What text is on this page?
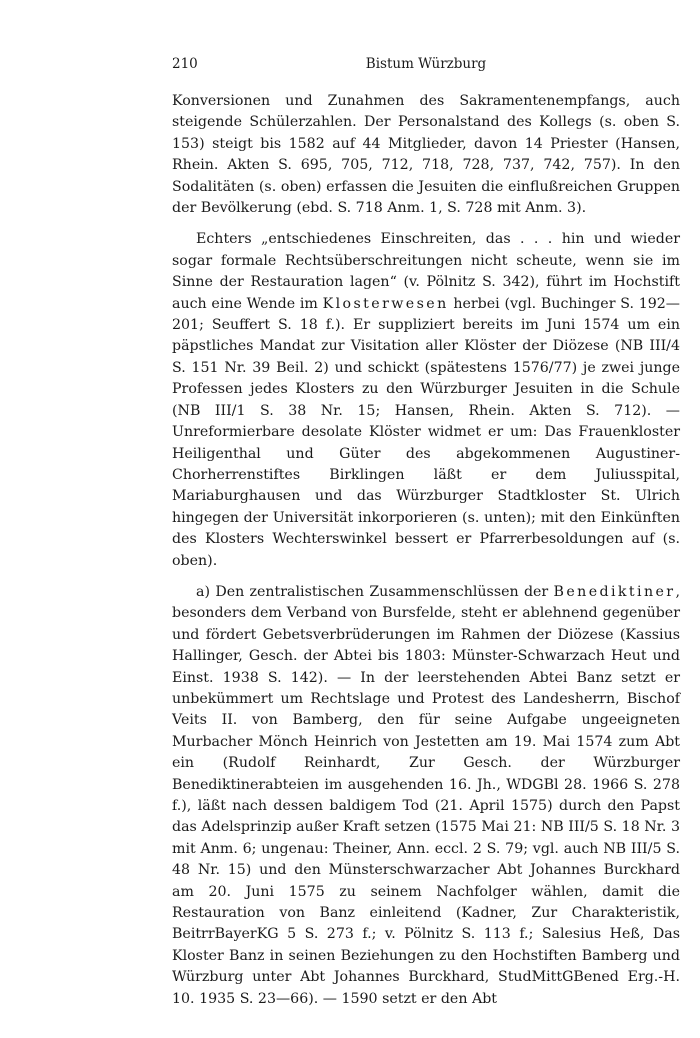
210	Bistum Würzburg

Konversionen und Zunahmen des Sakramentenempfangs, auch steigende Schülerzahlen. Der Personalstand des Kollegs (s. oben S. 153) steigt bis 1582 auf 44 Mitglieder, davon 14 Priester (Hansen, Rhein. Akten S. 695, 705, 712, 718, 728, 737, 742, 757). In den Sodalitäten (s. oben) erfassen die Jesuiten die einflußreichen Gruppen der Bevölkerung (ebd. S. 718 Anm. 1, S. 728 mit Anm. 3).

Echters „entschiedenes Einschreiten, das . . . hin und wieder sogar formale Rechtsüberschreitungen nicht scheute, wenn sie im Sinne der Restauration lagen“ (v. Pölnitz S. 342), führt im Hochstift auch eine Wende im Klosterwesen herbei (vgl. Buchinger S. 192—201; Seuffert S. 18 f.). Er suppliziert bereits im Juni 1574 um ein päpstliches Mandat zur Visitation aller Klöster der Diözese (NB III/4 S. 151 Nr. 39 Beil. 2) und schickt (spätestens 1576/77) je zwei junge Professen jedes Klosters zu den Würzburger Jesuiten in die Schule (NB III/1 S. 38 Nr. 15; Hansen, Rhein. Akten S. 712). — Unreformierbare desolate Klöster widmet er um: Das Frauenkloster Heiligenthal und Güter des abgekommenen Augustiner-Chorherrenstiftes Birklingen läßt er dem Juliusspital, Mariaburghausen und das Würzburger Stadtkloster St. Ulrich hingegen der Universität inkorporieren (s. unten); mit den Einkünften des Klosters Wechterswinkel bessert er Pfarrerbesoldungen auf (s. oben).

a) Den zentralistischen Zusammenschlüssen der Benediktiner, besonders dem Verband von Bursfelde, steht er ablehnend gegenüber und fördert Gebetsverbrüderungen im Rahmen der Diözese (Kassius Hallinger, Gesch. der Abtei bis 1803: Münster-Schwarzach Heut und Einst. 1938 S. 142). — In der leerstehenden Abtei Banz setzt er unbekümmert um Rechtslage und Protest des Landesherrn, Bischof Veits II. von Bamberg, den für seine Aufgabe ungeeigneten Murbacher Mönch Heinrich von Jestetten am 19. Mai 1574 zum Abt ein (Rudolf Reinhardt, Zur Gesch. der Würzburger Benediktinerabteien im ausgehenden 16. Jh., WDGBl 28. 1966 S. 278 f.), läßt nach dessen baldigem Tod (21. April 1575) durch den Papst das Adelsprinzip außer Kraft setzen (1575 Mai 21: NB III/5 S. 18 Nr. 3 mit Anm. 6; ungenau: Theiner, Ann. eccl. 2 S. 79; vgl. auch NB III/5 S. 48 Nr. 15) und den Münsterschwarzacher Abt Johannes Burckhard am 20. Juni 1575 zu seinem Nachfolger wählen, damit die Restauration von Banz einleitend (Kadner, Zur Charakteristik, BeitrrBayerKG 5 S. 273 f.; v. Pölnitz S. 113 f.; Salesius Heß, Das Kloster Banz in seinen Beziehungen zu den Hochstiften Bamberg und Würzburg unter Abt Johannes Burckhard, StudMittGBened Erg.-H. 10. 1935 S. 23—66). — 1590 setzt er den Abt
